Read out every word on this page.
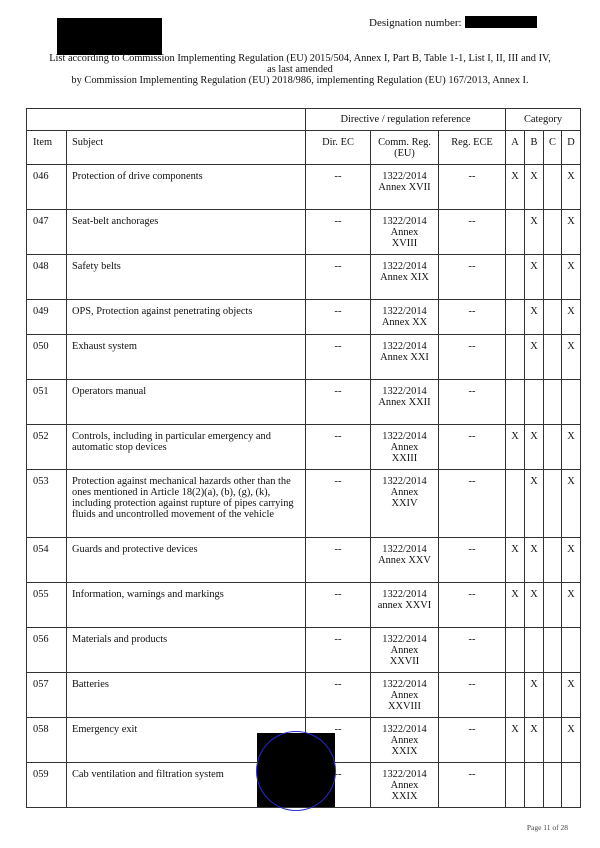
Designation number:
List according to Commission Implementing Regulation (EU) 2015/504, Annex I, Part B, Table 1-1, List I, II, III and IV,
as last amended
by Commission Implementing Regulation (EU) 2018/986, implementing Regulation (EU) 167/2013, Annex I.
		Directive / regulation reference			Category			
Item	Subject	Dir. EC	Comm. Reg. (EU)	Reg. ECE	A	B	C	D
046	Protection of drive components	--	1322/2014 Annex XVII	--	X	X		X
047	Seat-belt anchorages	--	1322/2014 Annex XVIII	--		X		X
048	Safety belts	--	1322/2014 Annex XIX	--		X		X
049	OPS, Protection against penetrating objects	--	1322/2014 Annex XX	--		X		X
050	Exhaust system	--	1322/2014 Annex XXI	--		X		X
051	Operators manual	--	1322/2014 Annex XXII	--				
052	Controls, including in particular emergency and automatic stop devices	--	1322/2014 Annex XXIII	--	X	X		X
053	Protection against mechanical hazards other than the ones mentioned in Article 18(2)(a), (b), (g), (k), including protection against rupture of pipes carrying fluids and uncontrolled movement of the vehicle	--	1322/2014 Annex XXIV	--		X		X
054	Guards and protective devices	--	1322/2014 Annex XXV	--	X	X		X
055	Information, warnings and markings	--	1322/2014 annex XXVI	--	X	X		X
056	Materials and products	--	1322/2014 Annex XXVII	--				
057	Batteries	--	1322/2014 Annex XXVIII	--		X		X
058	Emergency exit	--	1322/2014 Annex XXIX	--	X	X		X
059	Cab ventilation and filtration system	--	1322/2014 Annex XXIX	--				
Page 11 of 28
